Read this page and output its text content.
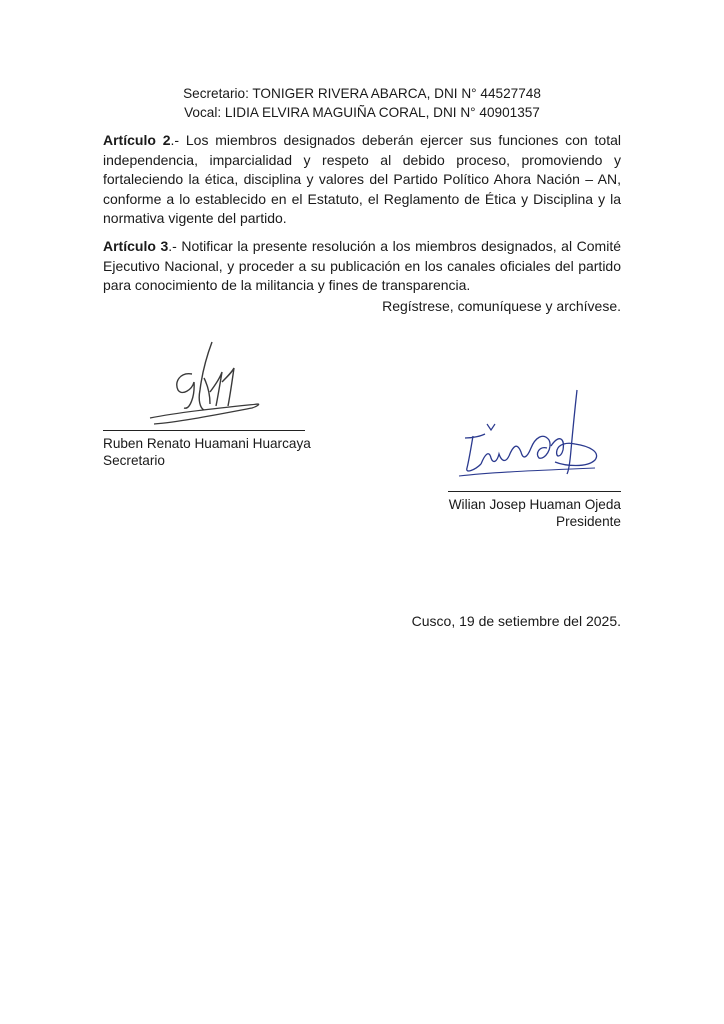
Secretario: TONIGER RIVERA ABARCA, DNI N° 44527748
Vocal: LIDIA ELVIRA MAGUIÑA CORAL, DNI N° 40901357

Artículo 2.- Los miembros designados deberán ejercer sus funciones con total independencia, imparcialidad y respeto al debido proceso, promoviendo y fortaleciendo la ética, disciplina y valores del Partido Político Ahora Nación – AN, conforme a lo establecido en el Estatuto, el Reglamento de Ética y Disciplina y la normativa vigente del partido.

Artículo 3.- Notificar la presente resolución a los miembros designados, al Comité Ejecutivo Nacional, y proceder a su publicación en los canales oficiales del partido para conocimiento de la militancia y fines de transparencia.

Regístrese, comuníquese y archívese.
Ruben Renato Huamani Huarcaya
Secretario
Wilian Josep Huaman Ojeda
Presidente
Cusco, 19 de setiembre del 2025.
